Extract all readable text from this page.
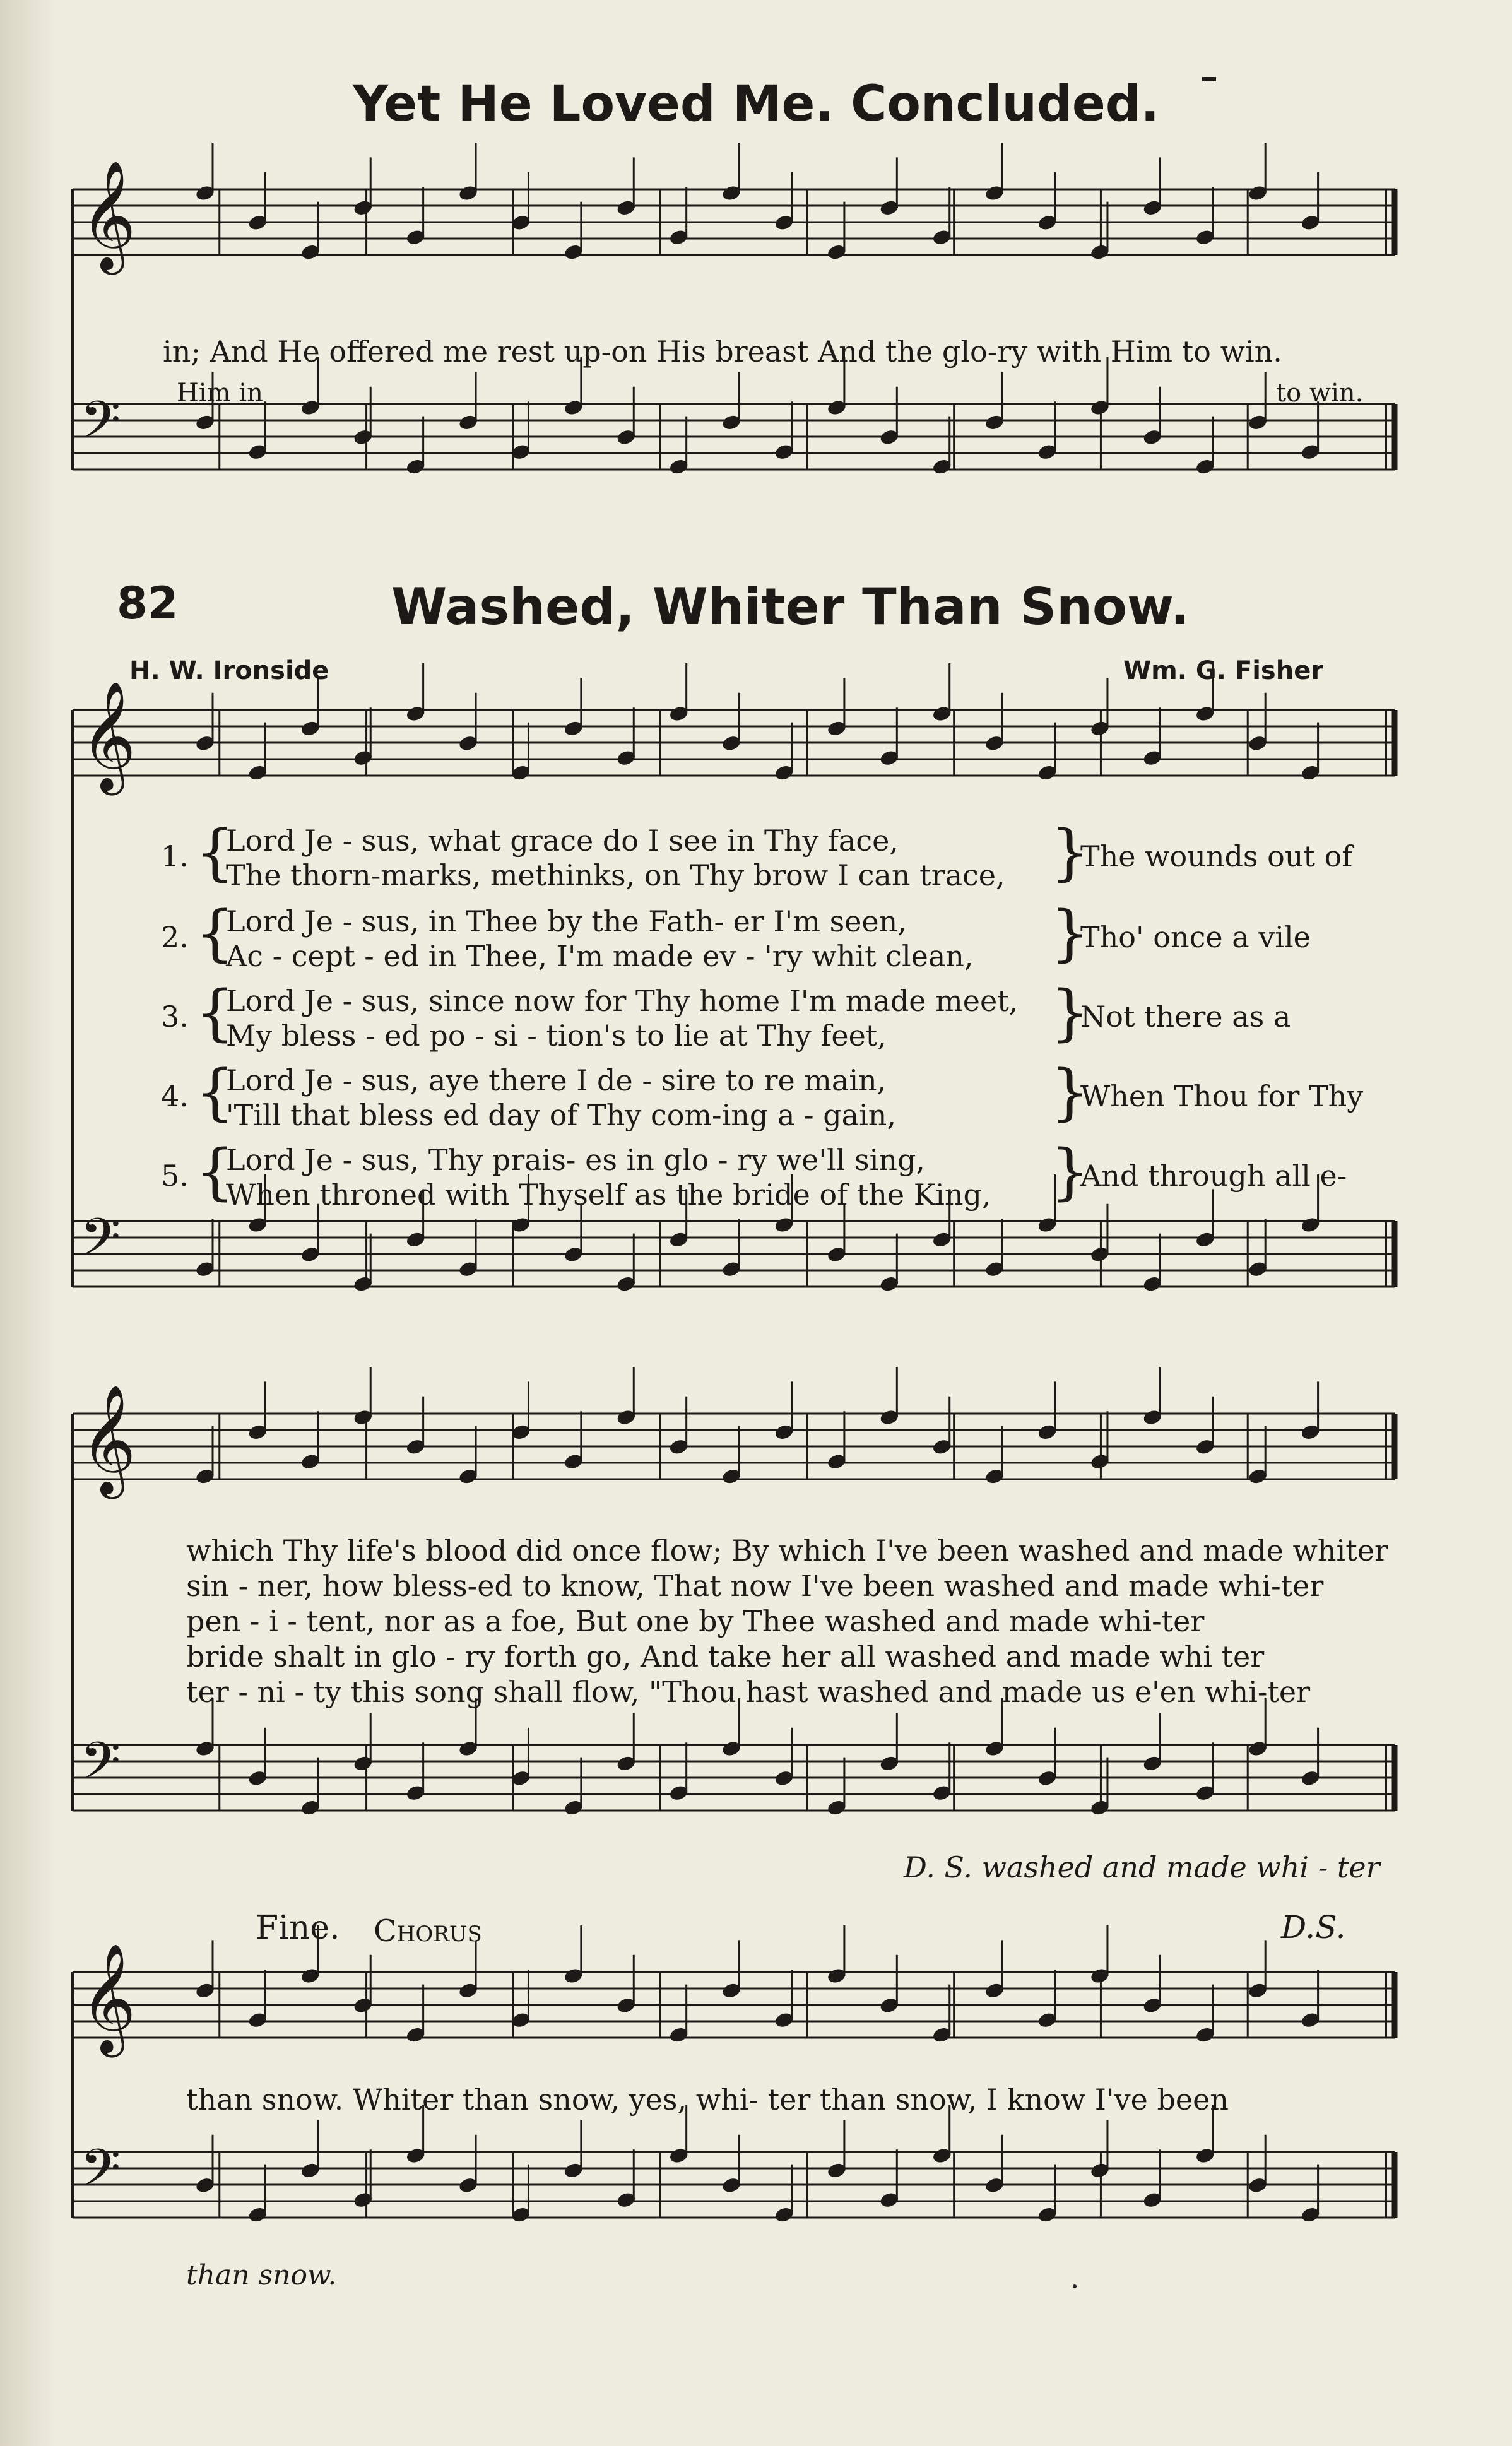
Yet He Loved Me. Concluded.
𝄞
𝄢
𝄞
𝄢
𝄞
𝄢
𝄞
𝄢
in; And He offered me rest up-on His breast And the glo-ry with Him to win.
Him in	to win.
82	Washed, Whiter Than Snow.
H. W. Ironside	Wm. G. Fisher
1. {
Lord Je - sus, what grace do I see in Thy face,
The thorn-marks, methinks, on Thy brow I can trace, }
The wounds out of
2. {
Lord Je - sus, in Thee by the Fath- er I'm seen,
Ac - cept - ed in Thee, I'm made ev - 'ry whit clean, }
Tho' once a vile
3. {
Lord Je - sus, since now for Thy home I'm made meet,
My bless - ed po - si - tion's to lie at Thy feet,	}
Not there as a
4. {
Lord Je - sus, aye there I de - sire to re main,
'Till that bless ed day of Thy com-ing a - gain,	}
When Thou for Thy
5. {
Lord Je - sus, Thy prais- es in glo - ry we'll sing,
When throned with Thyself as the bride of the King, }
And through all e-
which Thy life's blood did once flow; By which I've been washed and made whiter
sin - ner, how bless-ed to know, That now I've been washed and made whi-ter
pen - i - tent, nor as a foe, But one by Thee washed and made whi-ter
bride shalt in glo - ry forth go, And take her all washed and made whi ter
ter - ni - ty this song shall flow, "Thou hast washed and made us e'en whi-ter
D. S. washed and made whi - ter
Fine. Chorus	D.S.
than snow. Whiter than snow, yes, whi- ter than snow, I know I've been
than snow.
